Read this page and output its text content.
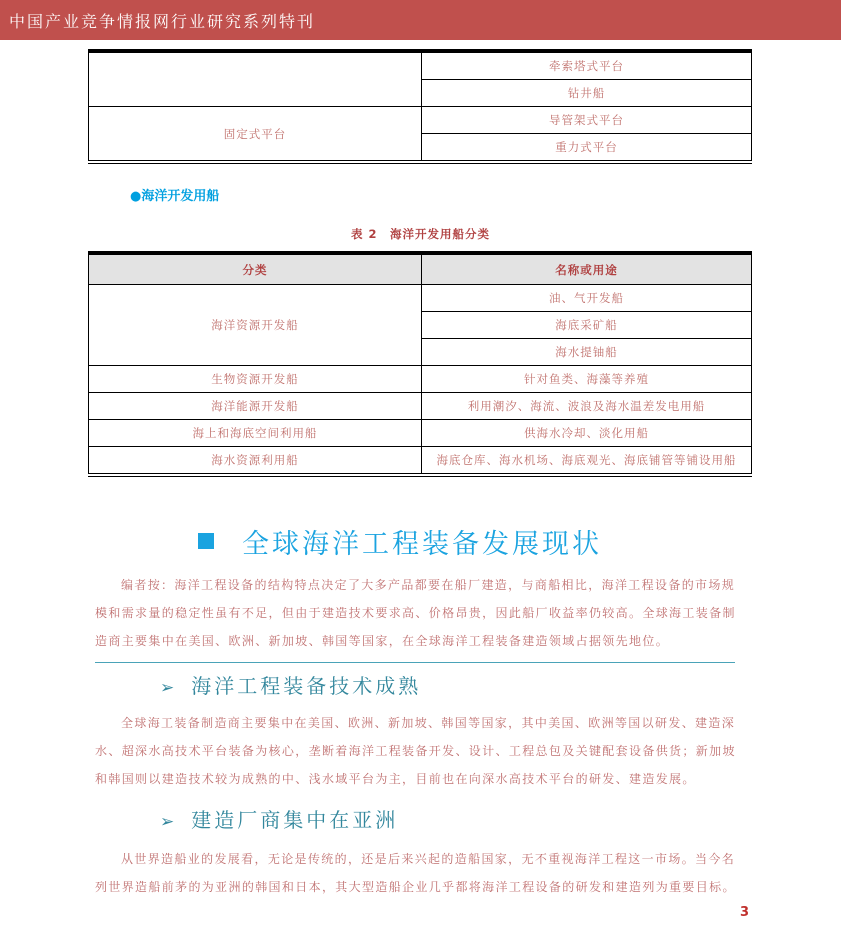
中国产业竞争情报网行业研究系列特刊
	牵索塔式平台
	钻井船
固定式平台	导管架式平台
	重力式平台
●海洋开发用船
表 2　海洋开发用船分类
分类	名称或用途
海洋资源开发船	油、气开发船
	海底采矿船
	海水提铀船
生物资源开发船	针对鱼类、海藻等养殖
海洋能源开发船	利用潮汐、海流、波浪及海水温差发电用船
海上和海底空间利用船	供海水冷却、淡化用船
海水资源利用船	海底仓库、海水机场、海底观光、海底铺管等铺设用船
全球海洋工程装备发展现状

编者按：海洋工程设备的结构特点决定了大多产品都要在船厂建造，与商船相比，海洋工程设备的市场规模和需求量的稳定性虽有不足，但由于建造技术要求高、价格昂贵，因此船厂收益率仍较高。全球海工装备制造商主要集中在美国、欧洲、新加坡、韩国等国家，在全球海洋工程装备建造领域占据领先地位。

➢ 海洋工程装备技术成熟

全球海工装备制造商主要集中在美国、欧洲、新加坡、韩国等国家，其中美国、欧洲等国以研发、建造深水、超深水高技术平台装备为核心，垄断着海洋工程装备开发、设计、工程总包及关键配套设备供货；新加坡和韩国则以建造技术较为成熟的中、浅水域平台为主，目前也在向深水高技术平台的研发、建造发展。

➢ 建造厂商集中在亚洲

从世界造船业的发展看，无论是传统的，还是后来兴起的造船国家，无不重视海洋工程这一市场。当今名列世界造船前茅的为亚洲的韩国和日本，其大型造船企业几乎都将海洋工程设备的研发和建造列为重要目标。

3
